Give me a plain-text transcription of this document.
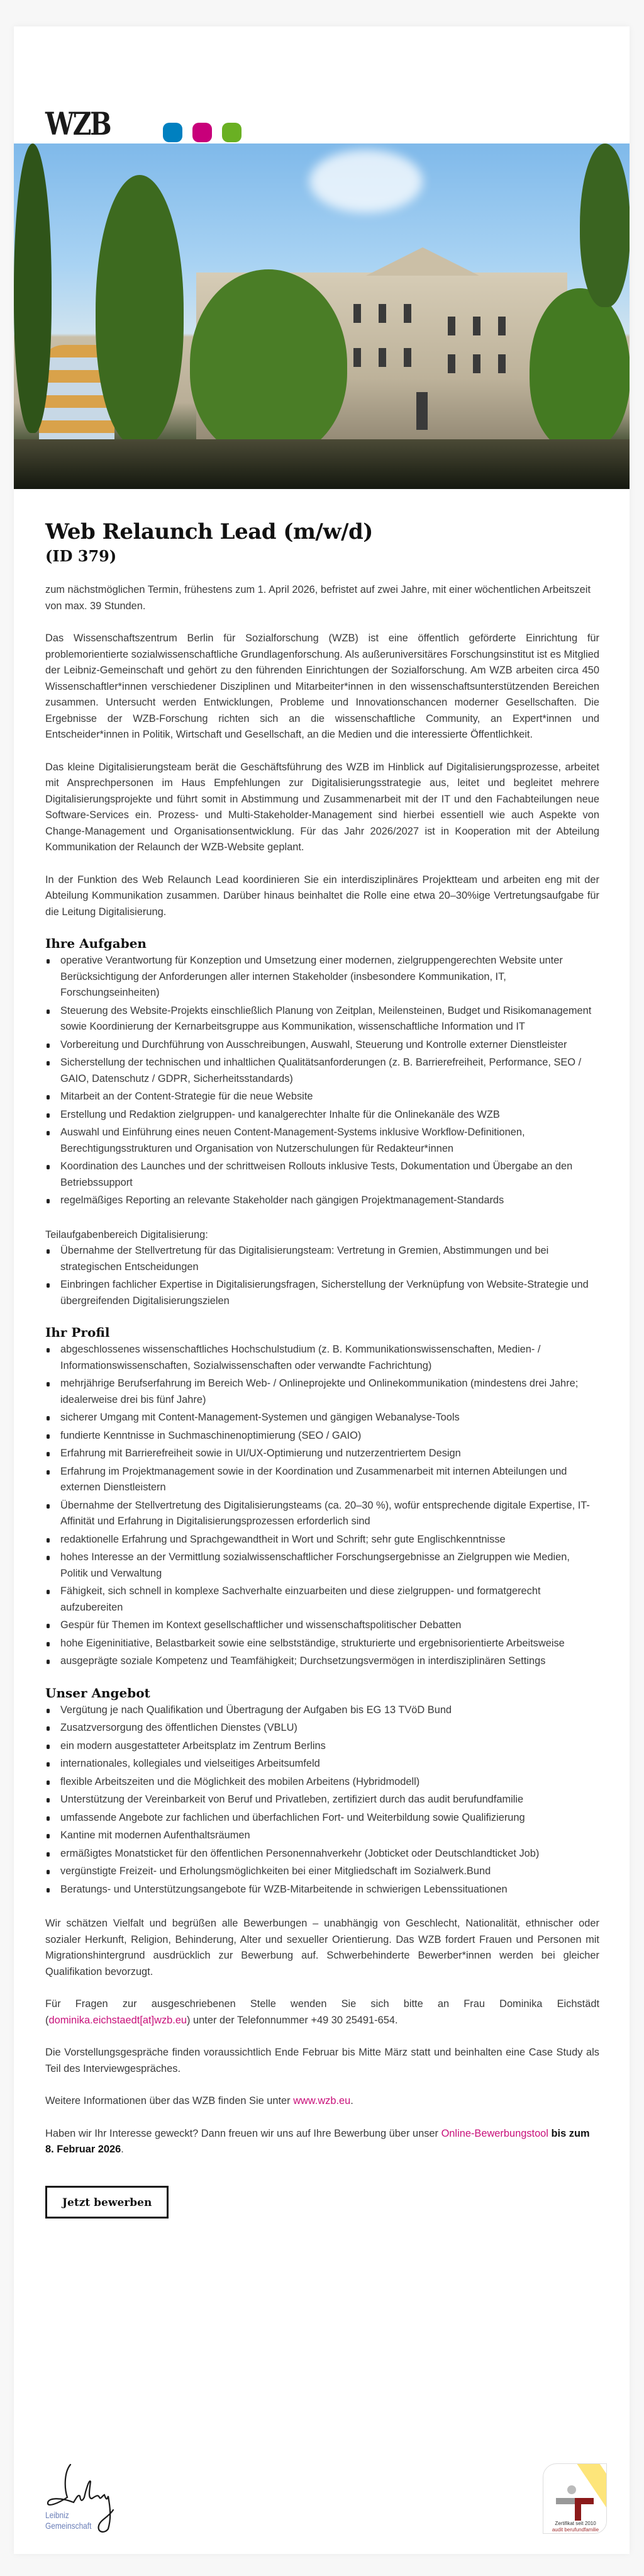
WZB
Web Relaunch Lead (m/w/d)
(ID 379)

zum nächstmöglichen Termin, frühestens zum 1. April 2026, befristet auf zwei Jahre, mit einer wöchentlichen Arbeitszeit von max. 39 Stunden.

Das Wissenschaftszentrum Berlin für Sozialforschung (WZB) ist eine öffentlich geförderte Einrichtung für problemorientierte sozialwissenschaftliche Grundlagenforschung. Als außeruniversitäres Forschungsinstitut ist es Mitglied der Leibniz-Gemeinschaft und gehört zu den führenden Einrichtungen der Sozialforschung. Am WZB arbeiten circa 450 Wissenschaftler*innen verschiedener Disziplinen und Mitarbeiter*innen in den wissenschaftsunterstützenden Bereichen zusammen. Untersucht werden Entwicklungen, Probleme und Innovationschancen moderner Gesellschaften. Die Ergebnisse der WZB-Forschung richten sich an die wissenschaftliche Community, an Expert*innen und Entscheider*innen in Politik, Wirtschaft und Gesellschaft, an die Medien und die interessierte Öffentlichkeit.

Das kleine Digitalisierungsteam berät die Geschäftsführung des WZB im Hinblick auf Digitalisierungsprozesse, arbeitet mit Ansprechpersonen im Haus Empfehlungen zur Digitalisierungsstrategie aus, leitet und begleitet mehrere Digitalisierungsprojekte und führt somit in Abstimmung und Zusammenarbeit mit der IT und den Fachabteilungen neue Software-Services ein. Prozess- und Multi-Stakeholder-Management sind hierbei essentiell wie auch Aspekte von Change-Management und Organisationsentwicklung. Für das Jahr 2026/2027 ist in Kooperation mit der Abteilung Kommunikation der Relaunch der WZB-Website geplant.

In der Funktion des Web Relaunch Lead koordinieren Sie ein interdisziplinäres Projektteam und arbeiten eng mit der Abteilung Kommunikation zusammen. Darüber hinaus beinhaltet die Rolle eine etwa 20–30%ige Vertretungsaufgabe für die Leitung Digitalisierung.

Ihre Aufgaben
operative Verantwortung für Konzeption und Umsetzung einer modernen, zielgruppengerechten Website unter Berücksichtigung der Anforderungen aller internen Stakeholder (insbesondere Kommunikation, IT, Forschungseinheiten)
Steuerung des Website-Projekts einschließlich Planung von Zeitplan, Meilensteinen, Budget und Risikomanagement sowie Koordinierung der Kernarbeitsgruppe aus Kommunikation, wissenschaftliche Information und IT
Vorbereitung und Durchführung von Ausschreibungen, Auswahl, Steuerung und Kontrolle externer Dienstleister
Sicherstellung der technischen und inhaltlichen Qualitätsanforderungen (z. B. Barrierefreiheit, Performance, SEO / GAIO, Datenschutz / GDPR, Sicherheitsstandards)
Mitarbeit an der Content-Strategie für die neue Website
Erstellung und Redaktion zielgruppen- und kanalgerechter Inhalte für die Onlinekanäle des WZB
Auswahl und Einführung eines neuen Content-Management-Systems inklusive Workflow-Definitionen, Berechtigungsstrukturen und Organisation von Nutzerschulungen für Redakteur*innen
Koordination des Launches und der schrittweisen Rollouts inklusive Tests, Dokumentation und Übergabe an den Betriebssupport
regelmäßiges Reporting an relevante Stakeholder nach gängigen Projektmanagement-Standards

Teilaufgabenbereich Digitalisierung:

Übernahme der Stellvertretung für das Digitalisierungsteam: Vertretung in Gremien, Abstimmungen und bei strategischen Entscheidungen
Einbringen fachlicher Expertise in Digitalisierungsfragen, Sicherstellung der Verknüpfung von Website-Strategie und übergreifenden Digitalisierungszielen
Ihr Profil
abgeschlossenes wissenschaftliches Hochschulstudium (z. B. Kommunikationswissenschaften, Medien- / Informationswissenschaften, Sozialwissenschaften oder verwandte Fachrichtung)
mehrjährige Berufserfahrung im Bereich Web- / Onlineprojekte und Onlinekommunikation (mindestens drei Jahre; idealerweise drei bis fünf Jahre)
sicherer Umgang mit Content-Management-Systemen und gängigen Webanalyse-Tools
fundierte Kenntnisse in Suchmaschinenoptimierung (SEO / GAIO)
Erfahrung mit Barrierefreiheit sowie in UI/UX-Optimierung und nutzerzentriertem Design
Erfahrung im Projektmanagement sowie in der Koordination und Zusammenarbeit mit internen Abteilungen und externen Dienstleistern
Übernahme der Stellvertretung des Digitalisierungsteams (ca. 20–30 %), wofür entsprechende digitale Expertise, IT-Affinität und Erfahrung in Digitalisierungsprozessen erforderlich sind
redaktionelle Erfahrung und Sprachgewandtheit in Wort und Schrift; sehr gute Englischkenntnisse
hohes Interesse an der Vermittlung sozialwissenschaftlicher Forschungsergebnisse an Zielgruppen wie Medien, Politik und Verwaltung
Fähigkeit, sich schnell in komplexe Sachverhalte einzuarbeiten und diese zielgruppen- und formatgerecht aufzubereiten
Gespür für Themen im Kontext gesellschaftlicher und wissenschaftspolitischer Debatten
hohe Eigeninitiative, Belastbarkeit sowie eine selbstständige, strukturierte und ergebnisorientierte Arbeitsweise
ausgeprägte soziale Kompetenz und Teamfähigkeit; Durchsetzungsvermögen in interdisziplinären Settings
Unser Angebot
Vergütung je nach Qualifikation und Übertragung der Aufgaben bis EG 13 TVöD Bund
Zusatzversorgung des öffentlichen Dienstes (VBLU)
ein modern ausgestatteter Arbeitsplatz im Zentrum Berlins
internationales, kollegiales und vielseitiges Arbeitsumfeld
flexible Arbeitszeiten und die Möglichkeit des mobilen Arbeitens (Hybridmodell)
Unterstützung der Vereinbarkeit von Beruf und Privatleben, zertifiziert durch das audit berufundfamilie
umfassende Angebote zur fachlichen und überfachlichen Fort- und Weiterbildung sowie Qualifizierung
Kantine mit modernen Aufenthaltsräumen
ermäßigtes Monatsticket für den öffentlichen Personennahverkehr (Jobticket oder Deutschlandticket Job)
vergünstigte Freizeit- und Erholungsmöglichkeiten bei einer Mitgliedschaft im Sozialwerk.Bund
Beratungs- und Unterstützungsangebote für WZB-Mitarbeitende in schwierigen Lebenssituationen

Wir schätzen Vielfalt und begrüßen alle Bewerbungen – unabhängig von Geschlecht, Nationalität, ethnischer oder sozialer Herkunft, Religion, Behinderung, Alter und sexueller Orientierung. Das WZB fordert Frauen und Personen mit Migrationshintergrund ausdrücklich zur Bewerbung auf. Schwerbehinderte Bewerber*innen werden bei gleicher Qualifikation bevorzugt.

Für Fragen zur ausgeschriebenen Stelle wenden Sie sich bitte an Frau Dominika Eichstädt (dominika.eichstaedt[at]wzb.eu) unter der Telefonnummer +49 30 25491-654.

Die Vorstellungsgespräche finden voraussichtlich Ende Februar bis Mitte März statt und beinhalten eine Case Study als Teil des Interviewgespräches.

Weitere Informationen über das WZB finden Sie unter www.wzb.eu.

Haben wir Ihr Interesse geweckt? Dann freuen wir uns auf Ihre Bewerbung über unser Online-Bewerbungstool bis zum 8. Februar 2026.

Jetzt bewerben
Leibniz
Gemeinschaft	Zertifikat seit 2010
audit berufundfamilie
